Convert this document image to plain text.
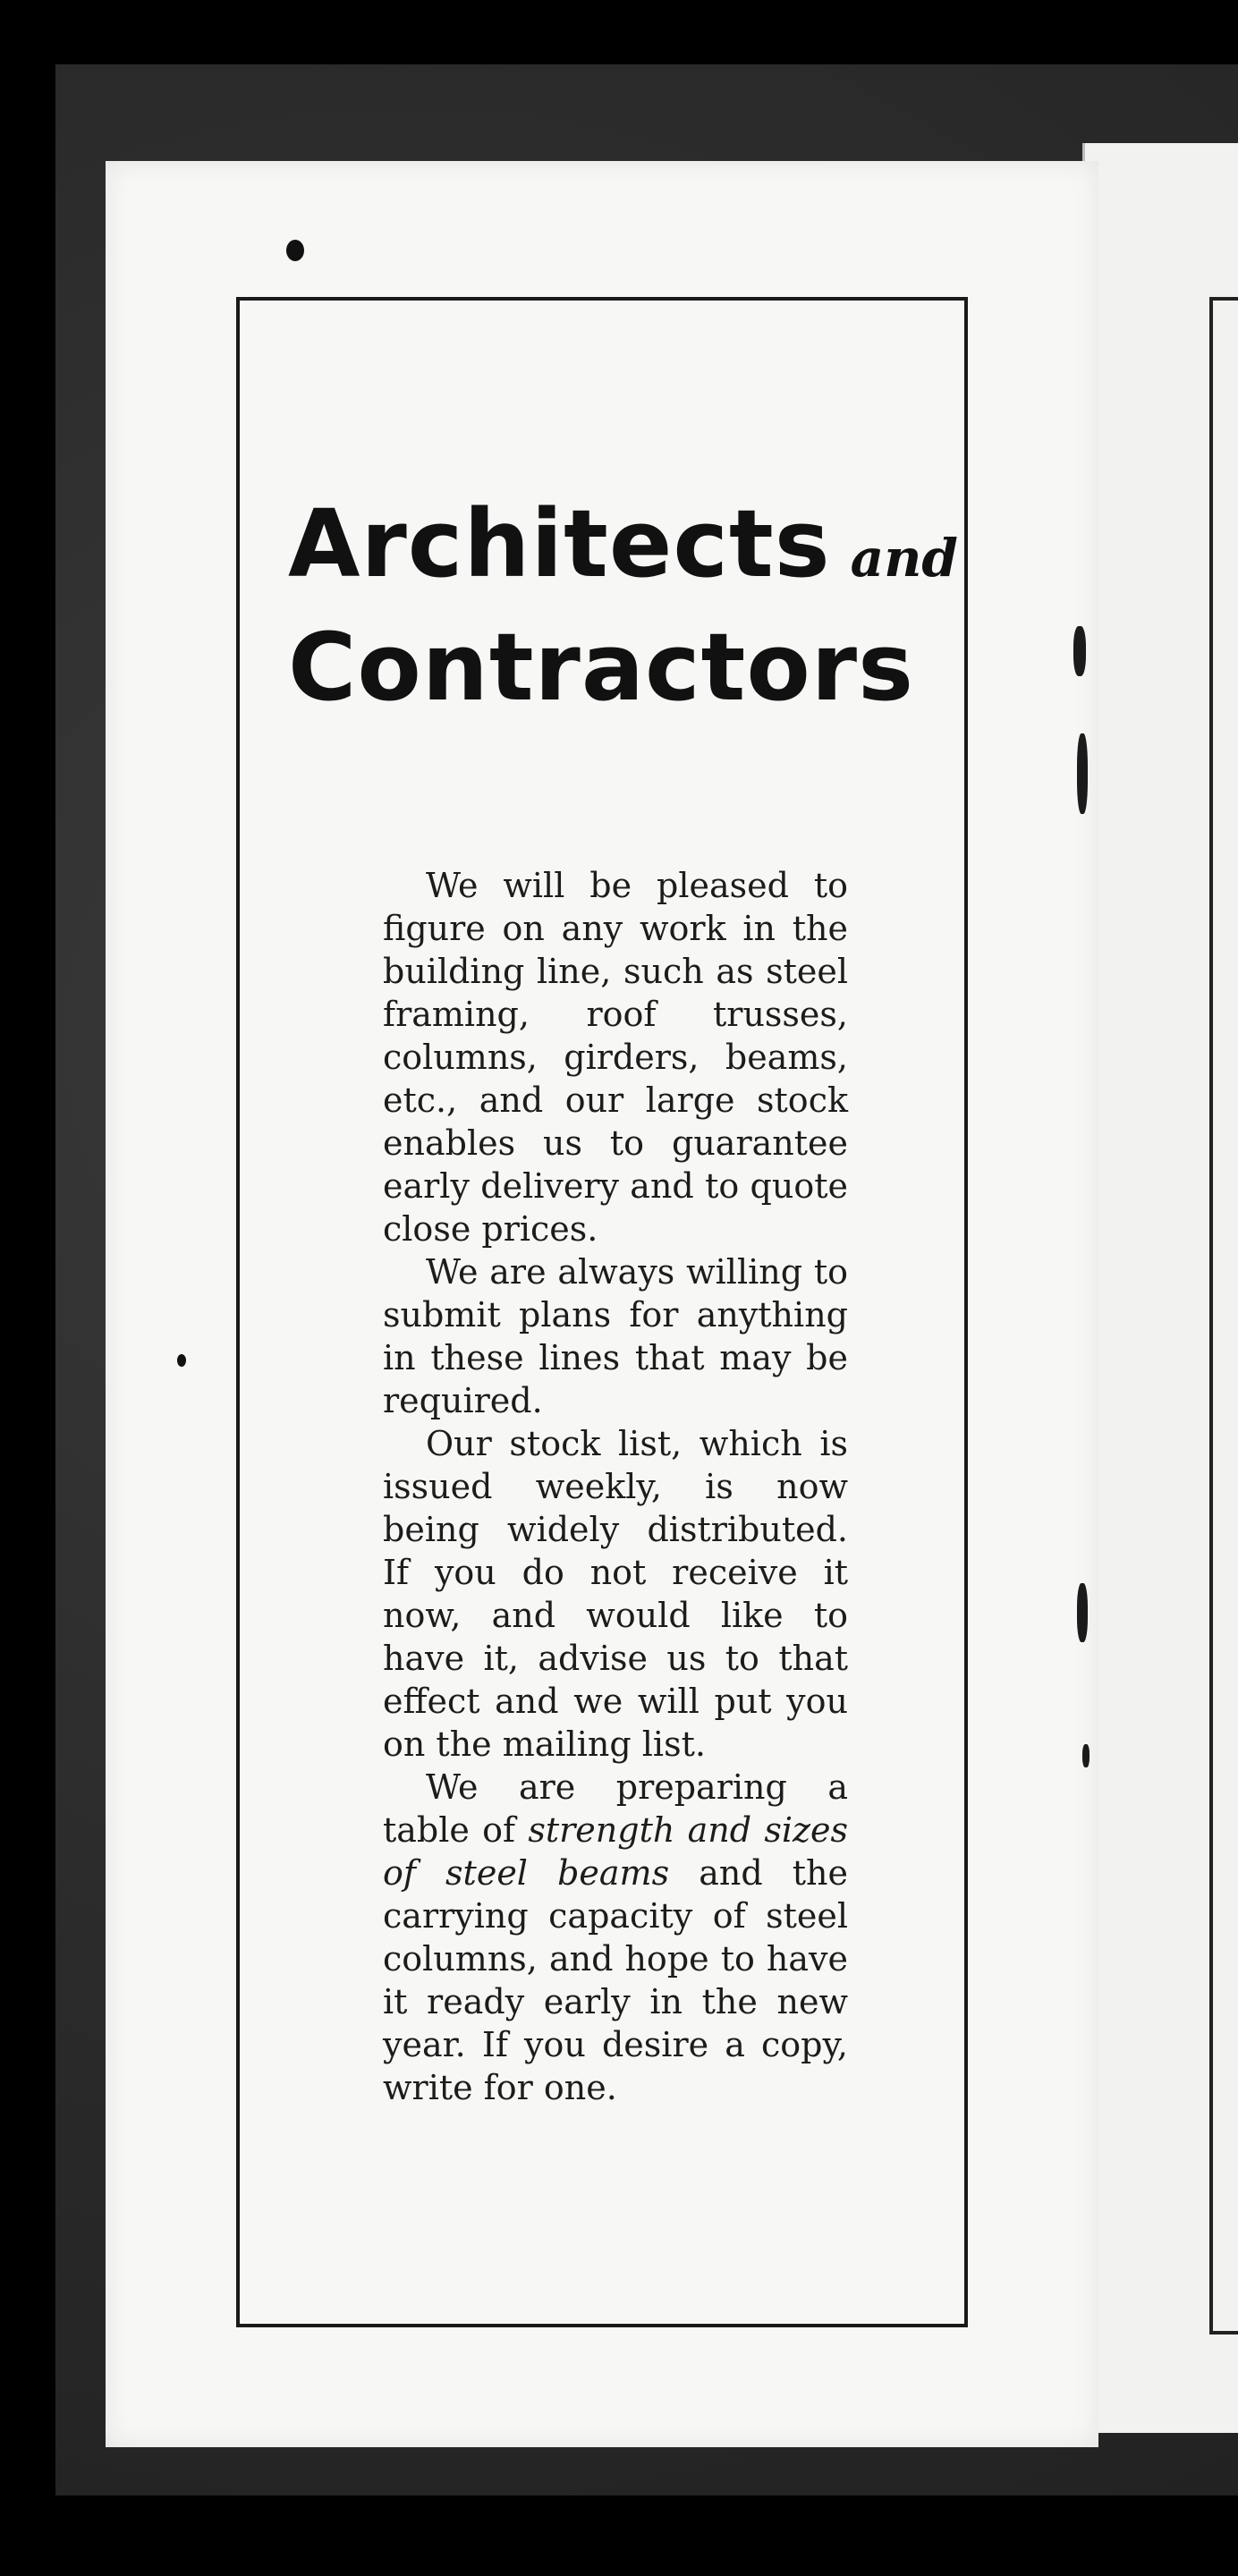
Architects and
Contractors

We will be pleased to figure on any work in the building line, such as steel framing, roof trusses, columns, girders, beams, etc., and our large stock enables us to guarantee early delivery and to quote close prices.

We are always willing to submit plans for anything in these lines that may be required.

Our stock list, which is issued weekly, is now being widely distributed. If you do not receive it now, and would like to have it, advise us to that effect and we will put you on the mailing list.

We are preparing a table of strength and sizes of steel beams and the carrying capacity of steel columns, and hope to have it ready early in the new year. If you desire a copy, write for one.
